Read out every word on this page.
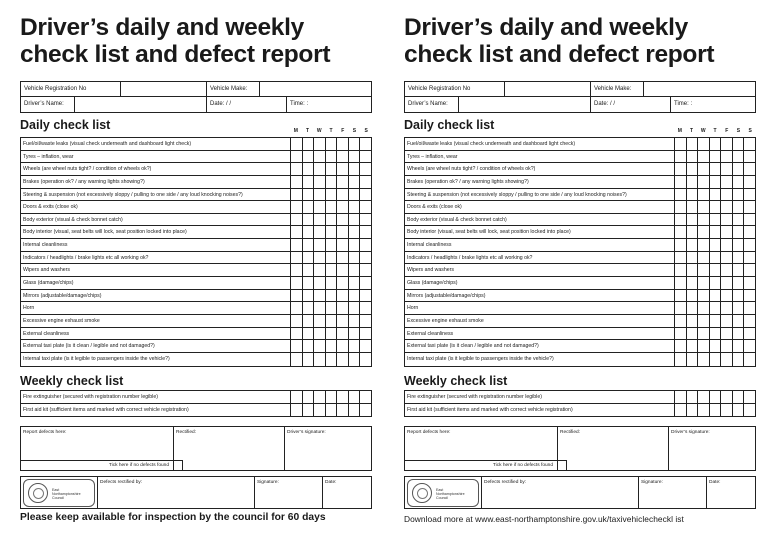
Driver’s daily and weekly
check list and defect report
Vehicle Registration No	Vehicle Make:
Driver’s Name:	Date: / /	Time: :
Daily check list	M	T	W	T	F	S	S
Fuel/oil/waste leaks (visual check underneath and dashboard light check)
Tyres – inflation, wear
Wheels (are wheel nuts tight? / condition of wheels ok?)
Brakes (operation ok? / any warning lights showing?)
Steering & suspension (not excessively sloppy / pulling to one side / any loud knocking noises?)
Doors & exits (close ok)
Body exterior (visual & check bonnet catch)
Body interior (visual, seat belts will lock, seat position locked into place)
Internal cleanliness
Indicators / headlights / brake lights etc all working ok?
Wipers and washers
Glass (damage/chips)
Mirrors (adjustable/damage/chips)
Horn
Excessive engine exhaust smoke
External cleanliness
External taxi plate (is it clean / legible and not damaged?)
Internal taxi plate (is it legible to passengers inside the vehicle?)
Weekly check list
Fire extinguisher (secured with registration number legible)
First aid kit (sufficient items and marked with correct vehicle registration)
Report defects here:	Rectified:	Driver’s signature:
Tick here if no defects found
East
Northamptonshire
Council
Defects rectified by:	Signature:	Date:
Please keep available for inspection by the council for 60 days
Driver’s daily and weekly
check list and defect report
Vehicle Registration No	Vehicle Make:
Driver’s Name:	Date: / /	Time: :
Daily check list	M	T	W	T	F	S	S
Fuel/oil/waste leaks (visual check underneath and dashboard light check)
Tyres – inflation, wear
Wheels (are wheel nuts tight? / condition of wheels ok?)
Brakes (operation ok? / any warning lights showing?)
Steering & suspension (not excessively sloppy / pulling to one side / any loud knocking noises?)
Doors & exits (close ok)
Body exterior (visual & check bonnet catch)
Body interior (visual, seat belts will lock, seat position locked into place)
Internal cleanliness
Indicators / headlights / brake lights etc all working ok?
Wipers and washers
Glass (damage/chips)
Mirrors (adjustable/damage/chips)
Horn
Excessive engine exhaust smoke
External cleanliness
External taxi plate (is it clean / legible and not damaged?)
Internal taxi plate (is it legible to passengers inside the vehicle?)
Weekly check list
Fire extinguisher (secured with registration number legible)
First aid kit (sufficient items and marked with correct vehicle registration)
Report defects here:	Rectified:	Driver’s signature:
Tick here if no defects found
East
Northamptonshire
Council
Defects rectified by:	Signature:	Date:
Download more at www.east-northamptonshire.gov.uk/taxivehiclecheckl ist
